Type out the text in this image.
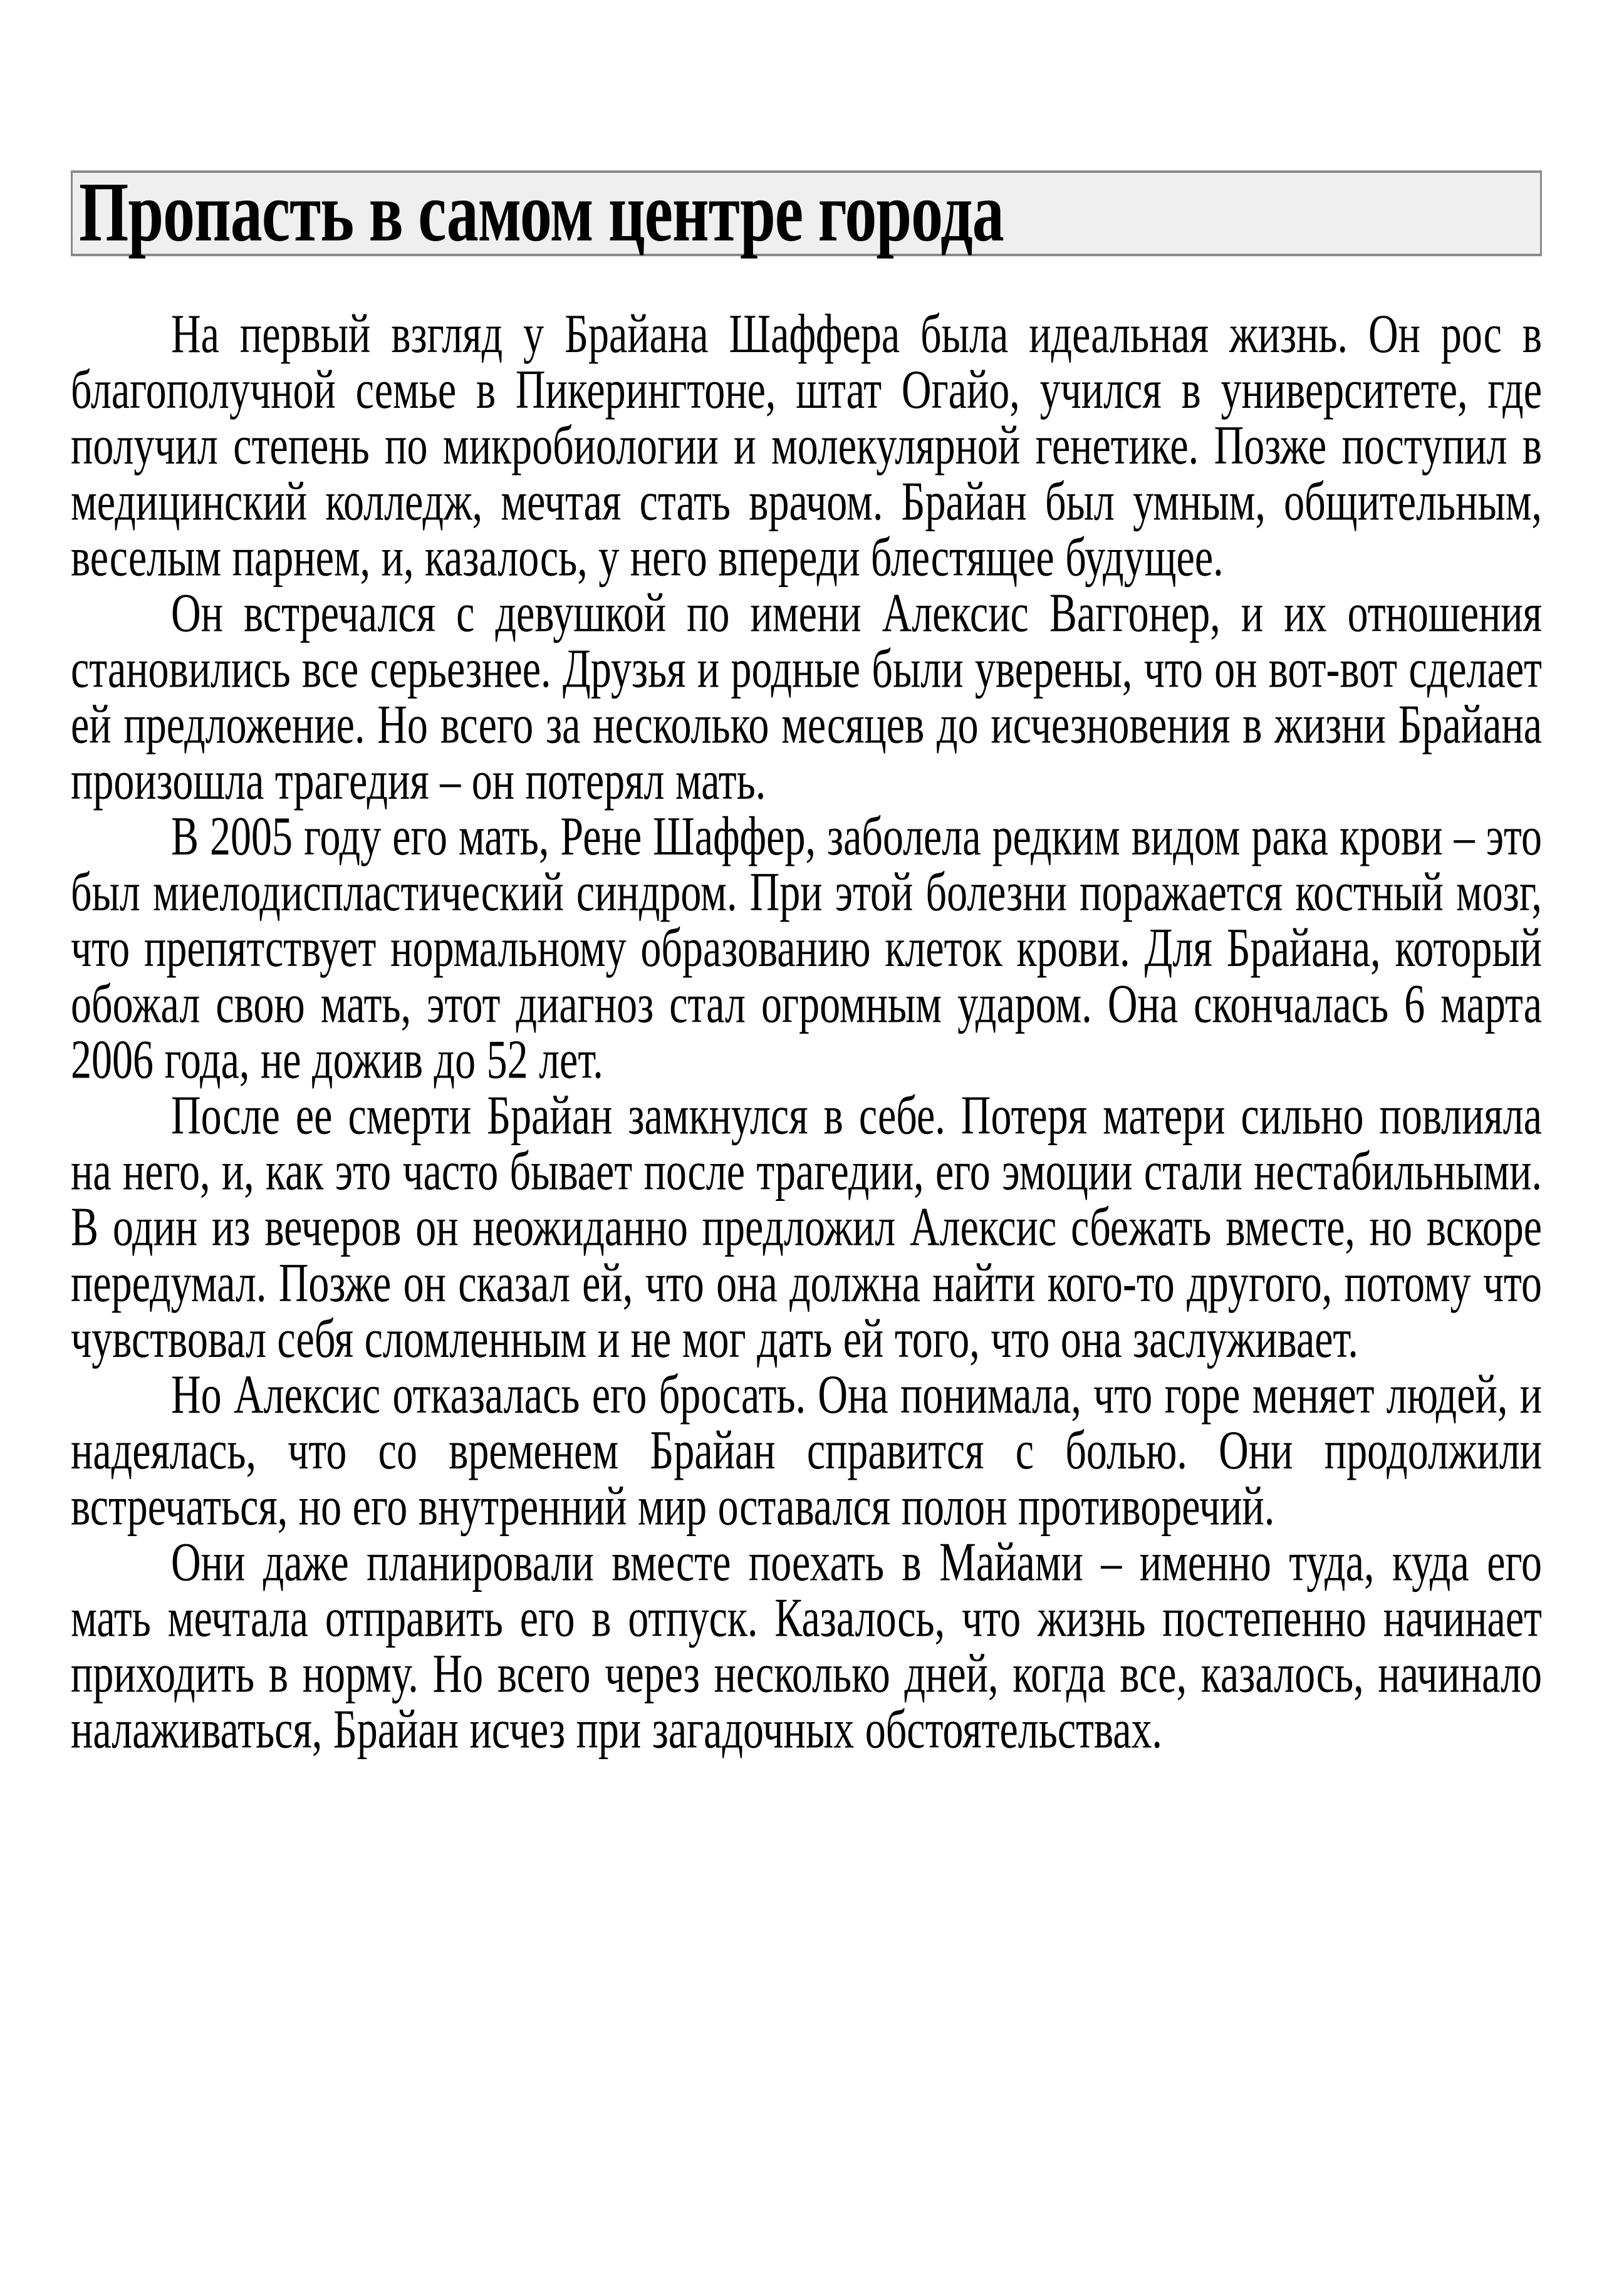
Пропасть в самом центре города

На первый взгляд у Брайана Шаффера была идеальная жизнь. Он рос в благополучной семье в Пикерингтоне, штат Огайо, учился в университете, где получил степень по микробиологии и молекулярной генетике. Позже поступил в медицинский колледж, мечтая стать врачом. Брайан был умным, общительным, веселым парнем, и, казалось, у него впереди блестящее будущее.

Он встречался с девушкой по имени Алексис Ваггонер, и их отношения становились все серьезнее. Друзья и родные были уверены, что он вот-вот сделает ей предложение. Но всего за несколько месяцев до исчезновения в жизни Брайана произошла трагедия – он потерял мать.

В 2005 году его мать, Рене Шаффер, заболела редким видом рака крови – это был миелодиспластический синдром. При этой болезни поражается костный мозг, что препятствует нормальному образованию клеток крови. Для Брайана, который обожал свою мать, этот диагноз стал огромным ударом. Она скончалась 6 марта 2006 года, не дожив до 52 лет.

После ее смерти Брайан замкнулся в себе. Потеря матери сильно повлияла на него, и, как это часто бывает после трагедии, его эмоции стали нестабильными. В один из вечеров он неожиданно предложил Алексис сбежать вместе, но вскоре передумал. Позже он сказал ей, что она должна найти кого-то другого, потому что чувствовал себя сломленным и не мог дать ей того, что она заслуживает.

Но Алексис отказалась его бросать. Она понимала, что горе меняет людей, и надеялась, что со временем Брайан справится с болью. Они продолжили встречаться, но его внутренний мир оставался полон противоречий.

Они даже планировали вместе поехать в Майами – именно туда, куда его мать мечтала отправить его в отпуск. Казалось, что жизнь постепенно начинает приходить в норму. Но всего через несколько дней, когда все, казалось, начинало налаживаться, Брайан исчез при загадочных обстоятельствах.
